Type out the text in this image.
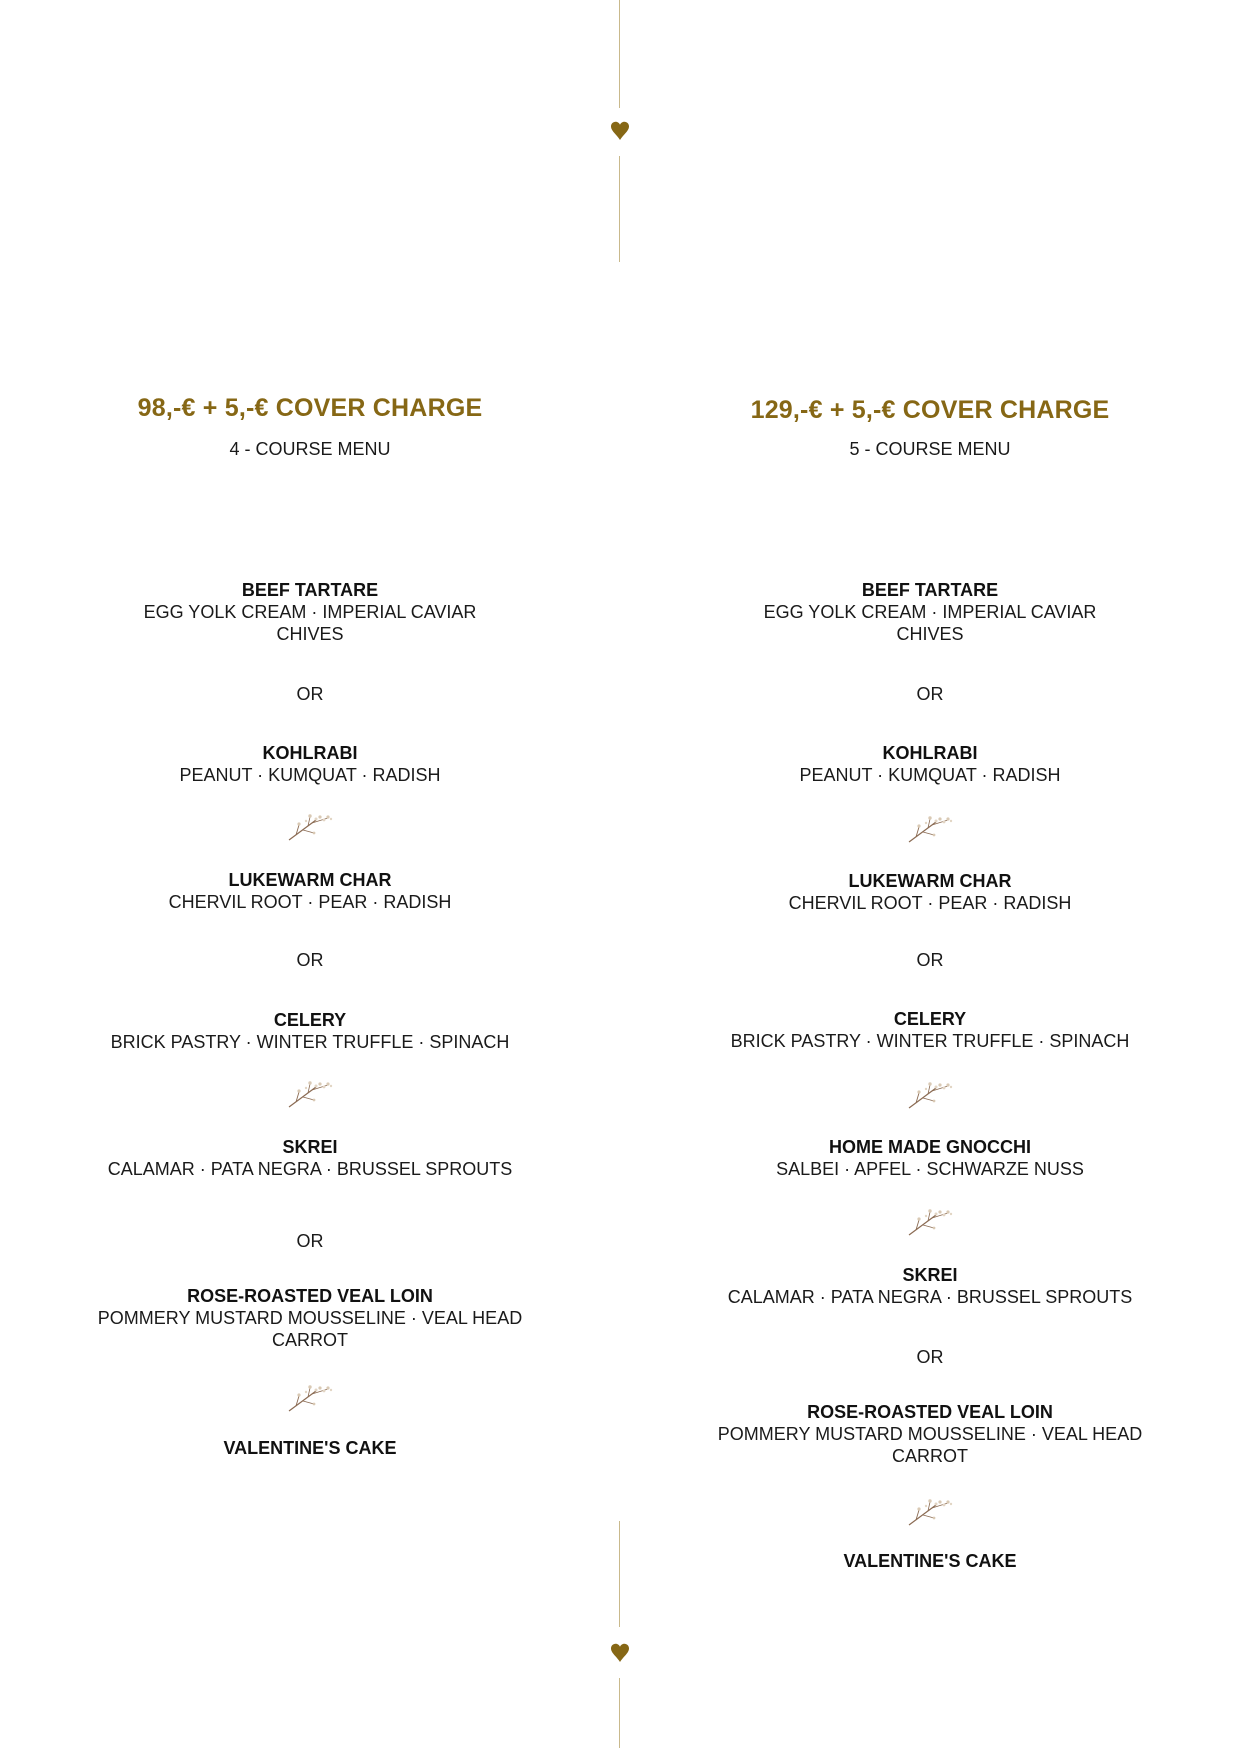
98,-€ + 5,-€ COVER CHARGE
4 - COURSE MENU
BEEF TARTARE
EGG YOLK CREAM · IMPERIAL CAVIAR
CHIVES
OR
KOHLRABI
PEANUT · KUMQUAT · RADISH
LUKEWARM CHAR
CHERVIL ROOT · PEAR · RADISH
OR
CELERY
BRICK PASTRY · WINTER TRUFFLE · SPINACH
SKREI
CALAMAR · PATA NEGRA · BRUSSEL SPROUTS
OR
ROSE-ROASTED VEAL LOIN
POMMERY MUSTARD MOUSSELINE · VEAL HEAD
CARROT
VALENTINE'S CAKE
129,-€ + 5,-€ COVER CHARGE
5 - COURSE MENU
BEEF TARTARE
EGG YOLK CREAM · IMPERIAL CAVIAR
CHIVES
OR
KOHLRABI
PEANUT · KUMQUAT · RADISH
LUKEWARM CHAR
CHERVIL ROOT · PEAR · RADISH
OR
CELERY
BRICK PASTRY · WINTER TRUFFLE · SPINACH
HOME MADE GNOCCHI
SALBEI · APFEL · SCHWARZE NUSS
SKREI
CALAMAR · PATA NEGRA · BRUSSEL SPROUTS
OR
ROSE-ROASTED VEAL LOIN
POMMERY MUSTARD MOUSSELINE · VEAL HEAD
CARROT
VALENTINE'S CAKE
